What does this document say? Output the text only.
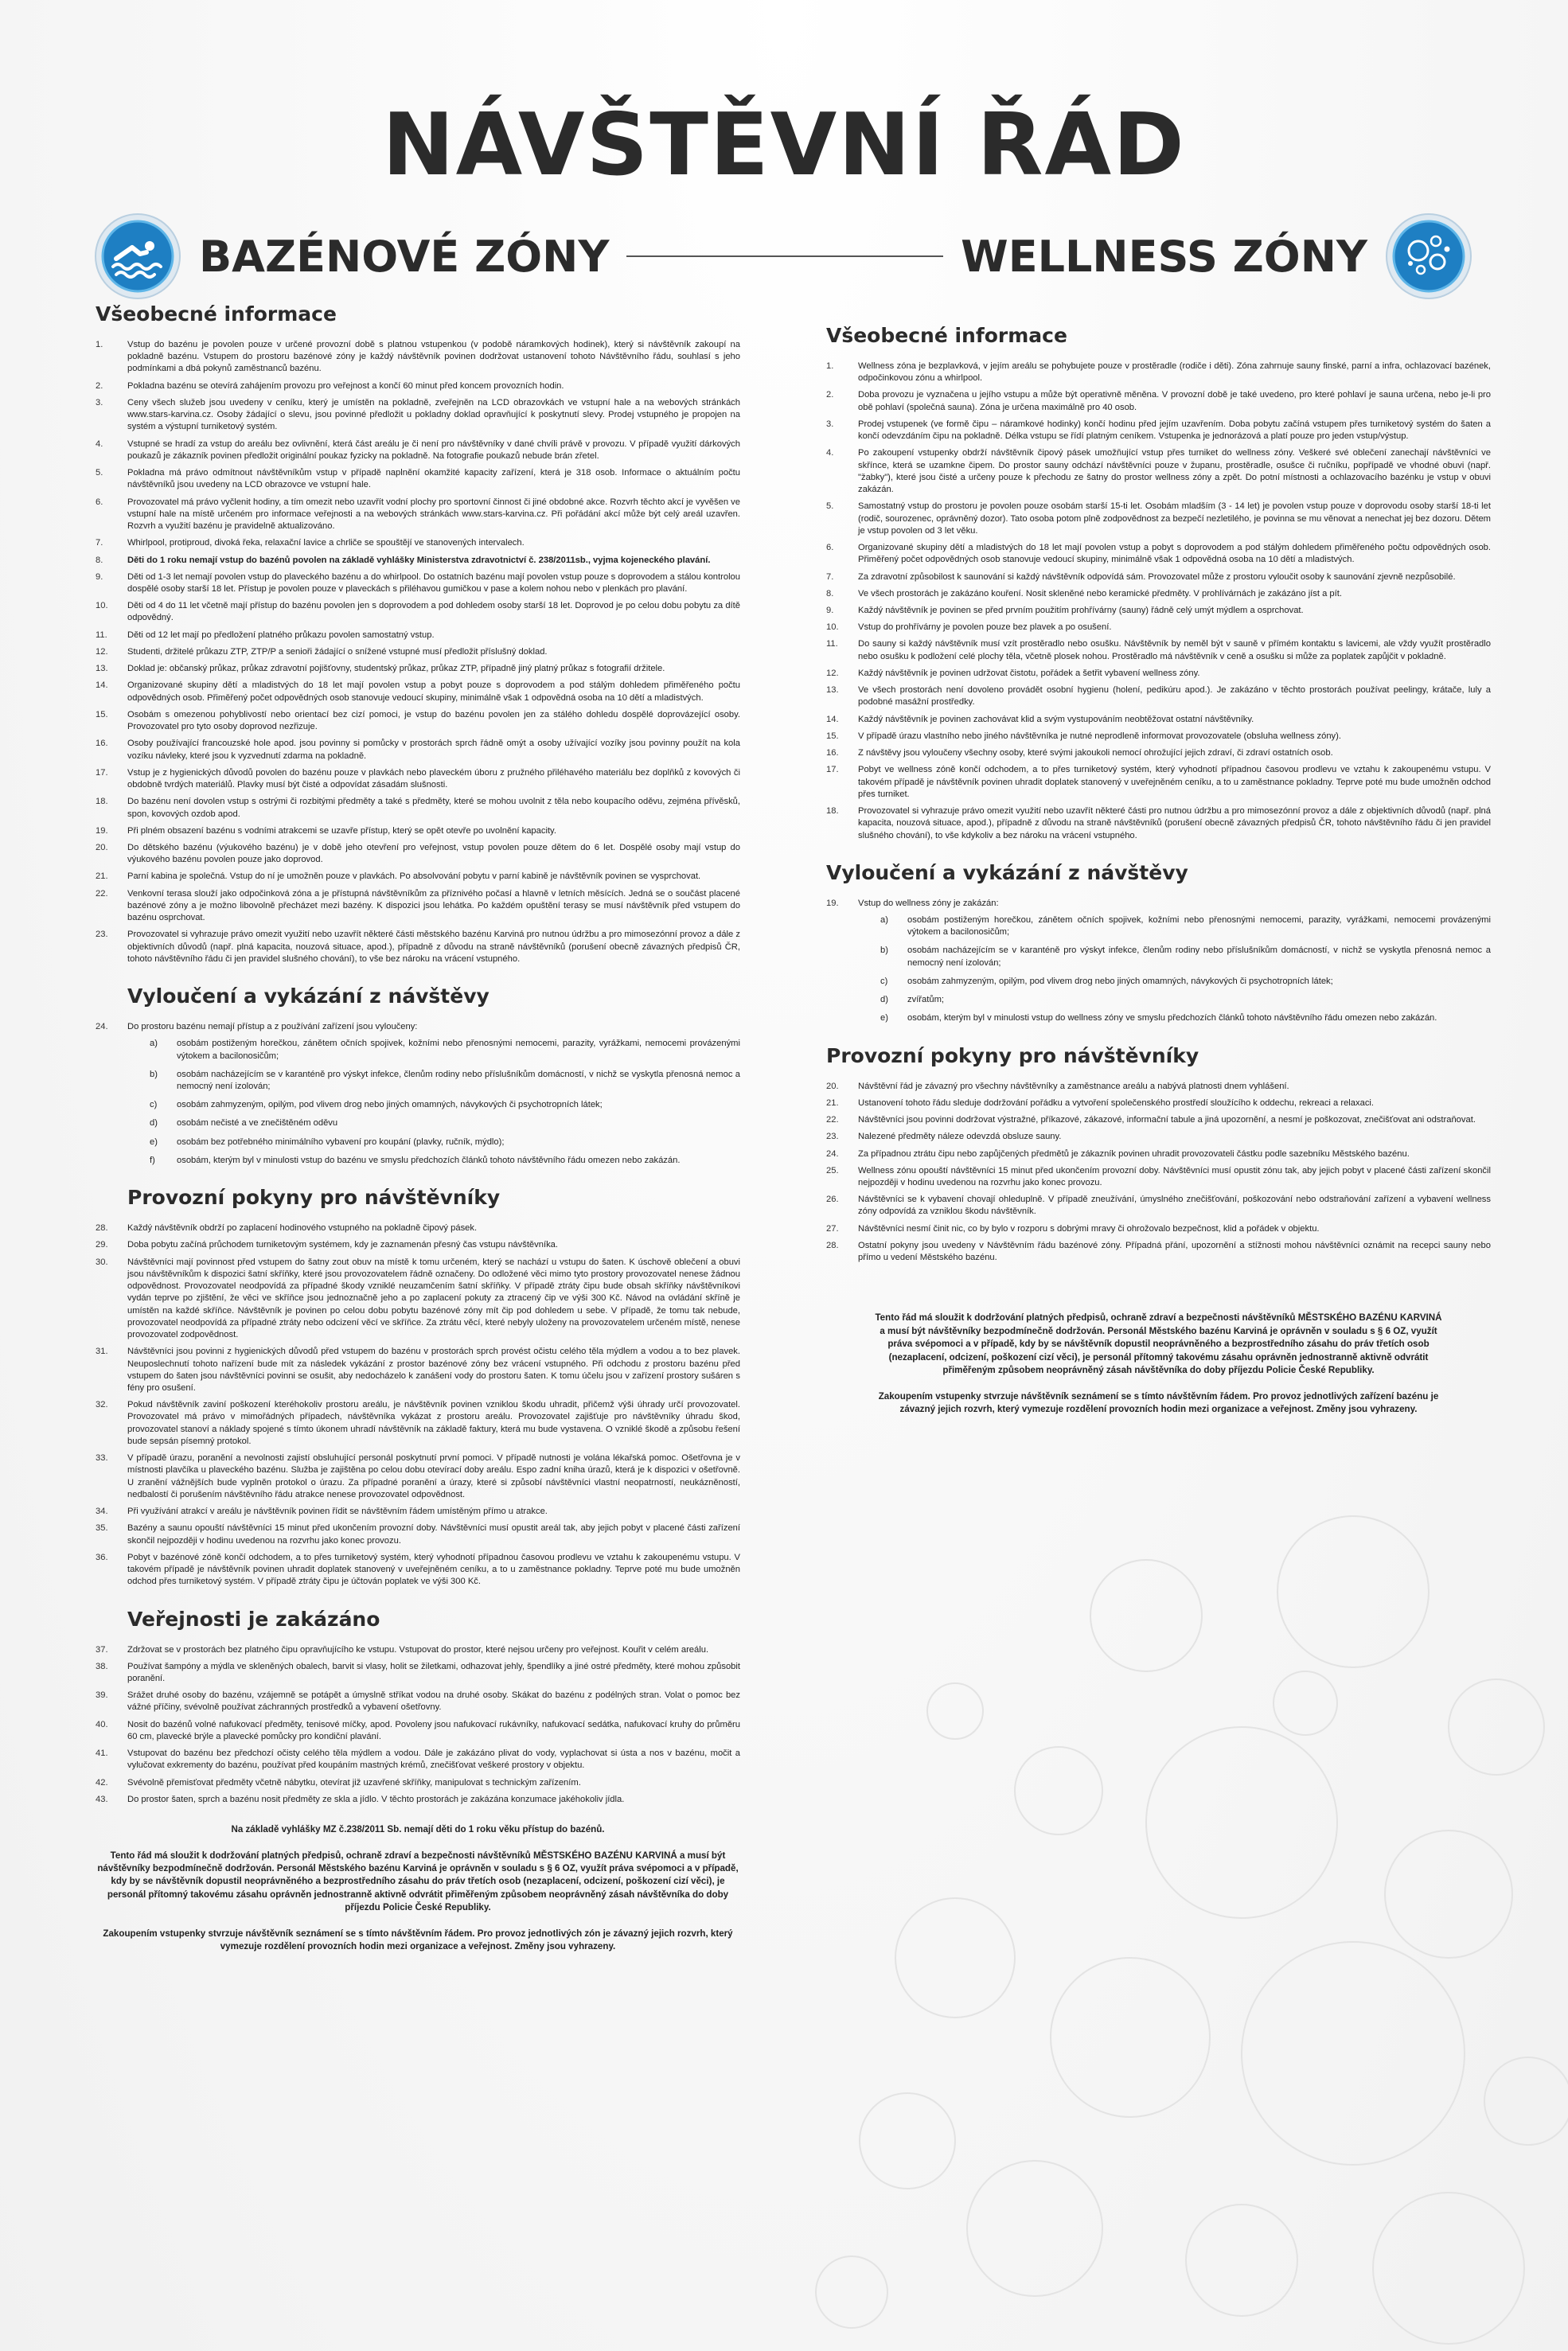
NÁVŠTĚVNÍ ŘÁD
BAZÉNOVÉ ZÓNY	WELLNESS ZÓNY
Všeobecné informace
1.	Vstup do bazénu je povolen pouze v určené provozní době s platnou vstupenkou (v podobě náramkových hodinek), který si návštěvník zakoupí na pokladně bazénu. Vstupem do prostoru bazénové zóny je každý návštěvník povinen dodržovat ustanovení tohoto Návštěvního řádu, souhlasí s jeho podmínkami a dbá pokynů zaměstnanců bazénu.
2.	Pokladna bazénu se otevírá zahájením provozu pro veřejnost a končí 60 minut před koncem provozních hodin.
3.	Ceny všech služeb jsou uvedeny v ceníku, který je umístěn na pokladně, zveřejněn na LCD obrazovkách ve vstupní hale a na webových stránkách www.stars-karvina.cz. Osoby žádající o slevu, jsou povinné předložit u pokladny doklad opravňující k poskytnutí slevy. Prodej vstupného je propojen na systém a výstupní turniketový systém.
4.	Vstupné se hradí za vstup do areálu bez ovlivnění, která část areálu je či není pro návštěvníky v dané chvíli právě v provozu. V případě využití dárkových poukazů je zákazník povinen předložit originální poukaz fyzicky na pokladně. Na fotografie poukazů nebude brán zřetel.
5.	Pokladna má právo odmítnout návštěvníkům vstup v případě naplnění okamžité kapacity zařízení, která je 318 osob. Informace o aktuálním počtu návštěvníků jsou uvedeny na LCD obrazovce ve vstupní hale.
6.	Provozovatel má právo vyčlenit hodiny, a tím omezit nebo uzavřít vodní plochy pro sportovní činnost či jiné obdobné akce. Rozvrh těchto akcí je vyvěšen ve vstupní hale na místě určeném pro informace veřejnosti a na webových stránkách www.stars-karvina.cz. Při pořádání akcí může být celý areál uzavřen. Rozvrh a využití bazénu je pravidelně aktualizováno.
7.	Whirlpool, protiproud, divoká řeka, relaxační lavice a chrliče se spouštějí ve stanovených intervalech.
8.	Děti do 1 roku nemají vstup do bazénů povolen na základě vyhlášky Ministerstva zdravotnictví č. 238/2011sb., vyjma kojeneckého plavání.
9.	Děti od 1-3 let nemají povolen vstup do plaveckého bazénu a do whirlpool. Do ostatních bazénu mají povolen vstup pouze s doprovodem a stálou kontrolou dospělé osoby starší 18 let. Přístup je povolen pouze v plaveckách s přiléhavou gumičkou v pase a kolem nohou nebo v plenkách pro plavání.
10.	Děti od 4 do 11 let včetně mají přístup do bazénu povolen jen s doprovodem a pod dohledem osoby starší 18 let. Doprovod je po celou dobu pobytu za dítě odpovědný.
11.	Děti od 12 let mají po předložení platného průkazu povolen samostatný vstup.
12.	Studenti, držitelé průkazu ZTP, ZTP/P a senioři žádající o snížené vstupné musí předložit příslušný doklad.
13.	Doklad je: občanský průkaz, průkaz zdravotní pojišťovny, studentský průkaz, průkaz ZTP, případně jiný platný průkaz s fotografií držitele.
14.	Organizované skupiny dětí a mladistvých do 18 let mají povolen vstup a pobyt pouze s doprovodem a pod stálým dohledem přiměřeného počtu odpovědných osob. Přiměřený počet odpovědných osob stanovuje vedoucí skupiny, minimálně však 1 odpovědná osoba na 10 dětí a mladistvých.
15.	Osobám s omezenou pohyblivostí nebo orientací bez cizí pomoci, je vstup do bazénu povolen jen za stálého dohledu dospělé doprovázející osoby. Provozovatel pro tyto osoby doprovod nezřizuje.
16.	Osoby používající francouzské hole apod. jsou povinny si pomůcky v prostorách sprch řádně omýt a osoby užívající vozíky jsou povinny použít na kola vozíku návleky, které jsou k vyzvednutí zdarma na pokladně.
17.	Vstup je z hygienických důvodů povolen do bazénu pouze v plavkách nebo plaveckém úboru z pružného přiléhavého materiálu bez doplňků z kovových či obdobně tvrdých materiálů. Plavky musí být čisté a odpovídat zásadám slušnosti.
18.	Do bazénu není dovolen vstup s ostrými či rozbitými předměty a také s předměty, které se mohou uvolnit z těla nebo koupacího oděvu, zejména přívěsků, spon, kovových ozdob apod.
19.	Při plném obsazení bazénu s vodními atrakcemi se uzavře přístup, který se opět otevře po uvolnění kapacity.
20.	Do dětského bazénu (výukového bazénu) je v době jeho otevření pro veřejnost, vstup povolen pouze dětem do 6 let. Dospělé osoby mají vstup do výukového bazénu povolen pouze jako doprovod.
21.	Parní kabina je společná. Vstup do ní je umožněn pouze v plavkách. Po absolvování pobytu v parní kabině je návštěvník povinen se vysprchovat.
22.	Venkovní terasa slouží jako odpočinková zóna a je přístupná návštěvníkům za příznivého počasí a hlavně v letních měsících. Jedná se o součást placené bazénové zóny a je možno libovolně přecházet mezi bazény. K dispozici jsou lehátka. Po každém opuštění terasy se musí návštěvník před vstupem do bazénu osprchovat.
23.	Provozovatel si vyhrazuje právo omezit využití nebo uzavřít některé části městského bazénu Karviná pro nutnou údržbu a pro mimosezónní provoz a dále z objektivních důvodů (např. plná kapacita, nouzová situace, apod.), případně z důvodu na straně návštěvníků (porušení obecně závazných předpisů ČR, tohoto návštěvního řádu či jen pravidel slušného chování), to vše bez nároku na vrácení vstupného.
Vyloučení a vykázání z návštěvy
24.	Do prostoru bazénu nemají přístup a z používání zařízení jsou vyloučeny:
a)	osobám postiženým horečkou, zánětem očních spojivek, kožními nebo přenosnými nemocemi, parazity, vyrážkami, nemocemi provázenými výtokem a bacilonosičům;
b)	osobám nacházejícím se v karanténě pro výskyt infekce, členům rodiny nebo příslušníkům domácností, v nichž se vyskytla přenosná nemoc a nemocný není izolován;
c)	osobám zahmyzeným, opilým, pod vlivem drog nebo jiných omamných, návykových či psychotropních látek;
d)	osobám nečisté a ve znečištěném oděvu
e)	osobám bez potřebného minimálního vybavení pro koupání (plavky, ručník, mýdlo);
f)	osobám, kterým byl v minulosti vstup do bazénu ve smyslu předchozích článků tohoto návštěvního řádu omezen nebo zakázán.
Provozní pokyny pro návštěvníky
28.	Každý návštěvník obdrží po zaplacení hodinového vstupného na pokladně čipový pásek.
29.	Doba pobytu začíná průchodem turniketovým systémem, kdy je zaznamenán přesný čas vstupu návštěvníka.
30.	Návštěvníci mají povinnost před vstupem do šatny zout obuv na místě k tomu určeném, který se nachází u vstupu do šaten. K úschově oblečení a obuvi jsou návštěvníkům k dispozici šatní skříňky, které jsou provozovatelem řádně označeny. Do odložené věci mimo tyto prostory provozovatel nenese žádnou odpovědnost. Provozovatel neodpovídá za případné škody vzniklé neuzamčením šatní skříňky. V případě ztráty čipu bude obsah skříňky návštěvníkovi vydán teprve po zjištění, že věci ve skříňce jsou jednoznačně jeho a po zaplacení pokuty za ztracený čip ve výši 300 Kč. Návod na ovládání skříně je umístěn na každé skříňce. Návštěvník je povinen po celou dobu pobytu bazénové zóny mít čip pod dohledem u sebe. V případě, že tomu tak nebude, provozovatel neodpovídá za případné ztráty nebo odcizení věcí ve skříňce. Za ztrátu věcí, které nebyly uloženy na provozovatelem určeném místě, nenese provozovatel zodpovědnost.
31.	Návštěvníci jsou povinni z hygienických důvodů před vstupem do bazénu v prostorách sprch provést očistu celého těla mýdlem a vodou a to bez plavek. Neuposlechnutí tohoto nařízení bude mít za následek vykázání z prostor bazénové zóny bez vrácení vstupného. Při odchodu z prostoru bazénu před vstupem do šaten jsou návštěvníci povinni se osušit, aby nedocházelo k zanášení vody do prostoru šaten. K tomu účelu jsou v zařízení prostory sušáren s fény pro osušení.
32.	Pokud návštěvník zaviní poškození kteréhokoliv prostoru areálu, je návštěvník povinen vzniklou škodu uhradit, přičemž výši úhrady určí provozovatel. Provozovatel má právo v mimořádných případech, návštěvníka vykázat z prostoru areálu. Provozovatel zajišťuje pro návštěvníky úhradu škod, provozovatel stanoví a náklady spojené s tímto úkonem uhradí návštěvník na základě faktury, která mu bude vystavena. O vzniklé škodě a způsobu řešení bude sepsán písemný protokol.
33.	V případě úrazu, poranění a nevolnosti zajistí obsluhující personál poskytnutí první pomoci. V případě nutnosti je volána lékařská pomoc. Ošetřovna je v místnosti plavčíka u plaveckého bazénu. Služba je zajištěna po celou dobu otevírací doby areálu. Espo zadní kniha úrazů, která je k dispozici v ošetřovně. U zranění vážnějších bude vyplněn protokol o úrazu. Za případné poranění a úrazy, které si způsobí návštěvníci vlastní neopatrností, neukázněností, nedbalostí či porušením návštěvního řádu atrakce nenese provozovatel odpovědnost.
34.	Při využívání atrakcí v areálu je návštěvník povinen řídit se návštěvním řádem umístěným přímo u atrakce.
35.	Bazény a saunu opouští návštěvníci 15 minut před ukončením provozní doby. Návštěvníci musí opustit areál tak, aby jejich pobyt v placené části zařízení skončil nejpozději v hodinu uvedenou na rozvrhu jako konec provozu.
36.	Pobyt v bazénové zóně končí odchodem, a to přes turniketový systém, který vyhodnotí případnou časovou prodlevu ve vztahu k zakoupenému vstupu. V takovém případě je návštěvník povinen uhradit doplatek stanovený v uveřejněném ceníku, a to u zaměstnance pokladny. Teprve poté mu bude umožněn odchod přes turniketový systém. V případě ztráty čipu je účtován poplatek ve výši 300 Kč.
Veřejnosti je zakázáno
37.	Zdržovat se v prostorách bez platného čipu opravňujícího ke vstupu. Vstupovat do prostor, které nejsou určeny pro veřejnost. Kouřit v celém areálu.
38.	Používat šampóny a mýdla ve skleněných obalech, barvit si vlasy, holit se žiletkami, odhazovat jehly, špendlíky a jiné ostré předměty, které mohou způsobit poranění.
39.	Srážet druhé osoby do bazénu, vzájemně se potápět a úmyslně stříkat vodou na druhé osoby. Skákat do bazénu z podélných stran. Volat o pomoc bez vážné příčiny, svévolně používat záchranných prostředků a vybavení ošetřovny.
40.	Nosit do bazénů volné nafukovací předměty, tenisové míčky, apod. Povoleny jsou nafukovací rukávníky, nafukovací sedátka, nafukovací kruhy do průměru 60 cm, plavecké brýle a plavecké pomůcky pro kondiční plavání.
41.	Vstupovat do bazénu bez předchozí očisty celého těla mýdlem a vodou. Dále je zakázáno plivat do vody, vyplachovat si ústa a nos v bazénu, močit a vylučovat exkrementy do bazénu, používat před koupáním mastných krémů, znečišťovat veškeré prostory v objektu.
42.	Svévolně přemisťovat předměty včetně nábytku, otevírat již uzavřené skříňky, manipulovat s technickým zařízením.
43.	Do prostor šaten, sprch a bazénu nosit předměty ze skla a jídlo. V těchto prostorách je zakázána konzumace jakéhokoliv jídla.

Na základě vyhlášky MZ č.238/2011 Sb. nemají děti do 1 roku věku přístup do bazénů.

Tento řád má sloužit k dodržování platných předpisů, ochraně zdraví a bezpečnosti návštěvníků MĚSTSKÉHO BAZÉNU KARVINÁ a musí být návštěvníky bezpodmínečně dodržován. Personál Městského bazénu Karviná je oprávněn v souladu s § 6 OZ, využít práva svépomoci a v případě, kdy by se návštěvník dopustil neoprávněného a bezprostředního zásahu do práv třetích osob (nezaplacení, odcizení, poškození cizí věci), je personál přítomný takovému zásahu oprávněn jednostranně aktivně odvrátit přiměřeným způsobem neoprávněný zásah návštěvníka do doby příjezdu Policie České Republiky.

Zakoupením vstupenky stvrzuje návštěvník seznámení se s tímto návštěvním řádem. Pro provoz jednotlivých zón je závazný jejich rozvrh, který vymezuje rozdělení provozních hodin mezi organizace a veřejnost. Změny jsou vyhrazeny.

Všeobecné informace
1.	Wellness zóna je bezplavková, v jejím areálu se pohybujete pouze v prostěradle (rodiče i děti). Zóna zahrnuje sauny finské, parní a infra, ochlazovací bazének, odpočinkovou zónu a whirlpool.
2.	Doba provozu je vyznačena u jejího vstupu a může být operativně měněna. V provozní době je také uvedeno, pro které pohlaví je sauna určena, nebo je-li pro obě pohlaví (společná sauna). Zóna je určena maximálně pro 40 osob.
3.	Prodej vstupenek (ve formě čipu – náramkové hodinky) končí hodinu před jejím uzavřením. Doba pobytu začíná vstupem přes turniketový systém do šaten a končí odevzdáním čipu na pokladně. Délka vstupu se řídí platným ceníkem. Vstupenka je jednorázová a platí pouze pro jeden vstup/výstup.
4.	Po zakoupení vstupenky obdrží návštěvník čipový pásek umožňující vstup přes turniket do wellness zóny. Veškeré své oblečení zanechají návštěvníci ve skřínce, která se uzamkne čipem. Do prostor sauny odchází návštěvníci pouze v županu, prostěradle, osušce či ručníku, popřípadě ve vhodné obuvi (např. "žabky"), které jsou čisté a určeny pouze k přechodu ze šatny do prostor wellness zóny a zpět. Do potní místnosti a ochlazovacího bazénku je vstup v obuvi zakázán.
5.	Samostatný vstup do prostoru je povolen pouze osobám starší 15-ti let. Osobám mladším (3 - 14 let) je povolen vstup pouze v doprovodu osoby starší 18-ti let (rodič, sourozenec, oprávněný dozor). Tato osoba potom plně zodpovědnost za bezpečí nezletilého, je povinna se mu věnovat a nenechat jej bez dozoru. Dětem je vstup povolen od 3 let věku.
6.	Organizované skupiny dětí a mladistvých do 18 let mají povolen vstup a pobyt s doprovodem a pod stálým dohledem přiměřeného počtu odpovědných osob. Přiměřený počet odpovědných osob stanovuje vedoucí skupiny, minimálně však 1 odpovědná osoba na 10 dětí a mladistvých.
7.	Za zdravotní způsobilost k saunování si každý návštěvník odpovídá sám. Provozovatel může z prostoru vyloučit osoby k saunování zjevně nezpůsobilé.
8.	Ve všech prostorách je zakázáno kouření. Nosit skleněné nebo keramické předměty. V prohlívárnách je zakázáno jíst a pít.
9.	Každý návštěvník je povinen se před prvním použitím prohřívárny (sauny) řádně celý umýt mýdlem a osprchovat.
10.	Vstup do prohřívárny je povolen pouze bez plavek a po osušení.
11.	Do sauny si každý návštěvník musí vzít prostěradlo nebo osušku. Návštěvník by neměl být v sauně v přímém kontaktu s lavicemi, ale vždy využít prostěradlo nebo osušku k podložení celé plochy těla, včetně plosek nohou. Prostěradlo má návštěvník v ceně a osušku si může za poplatek zapůjčit v pokladně.
12.	Každý návštěvník je povinen udržovat čistotu, pořádek a šetřit vybavení wellness zóny.
13.	Ve všech prostorách není dovoleno provádět osobní hygienu (holení, pedikúru apod.). Je zakázáno v těchto prostorách používat peelingy, krátače, luly a podobné masážní prostředky.
14.	Každý návštěvník je povinen zachovávat klid a svým vystupováním neobtěžovat ostatní návštěvníky.
15.	V případě úrazu vlastního nebo jiného návštěvníka je nutné neprodleně informovat provozovatele (obsluha wellness zóny).
16.	Z návštěvy jsou vyloučeny všechny osoby, které svými jakoukoli nemocí ohrožující jejich zdraví, či zdraví ostatních osob.
17.	Pobyt ve wellness zóně končí odchodem, a to přes turniketový systém, který vyhodnotí případnou časovou prodlevu ve vztahu k zakoupenému vstupu. V takovém případě je návštěvník povinen uhradit doplatek stanovený v uveřejněném ceníku, a to u zaměstnance pokladny. Teprve poté mu bude umožněn odchod přes turniket.
18.	Provozovatel si vyhrazuje právo omezit využití nebo uzavřít některé části pro nutnou údržbu a pro mimosezónní provoz a dále z objektivních důvodů (např. plná kapacita, nouzová situace, apod.), případně z důvodu na straně návštěvníků (porušení obecně závazných předpisů ČR, tohoto návštěvního řádu či jen pravidel slušného chování), to vše kdykoliv a bez nároku na vrácení vstupného.
Vyloučení a vykázání z návštěvy
19.	Vstup do wellness zóny je zakázán:
a)	osobám postiženým horečkou, zánětem očních spojivek, kožními nebo přenosnými nemocemi, parazity, vyrážkami, nemocemi provázenými výtokem a bacilonosičům;
b)	osobám nacházejícím se v karanténě pro výskyt infekce, členům rodiny nebo příslušníkům domácností, v nichž se vyskytla přenosná nemoc a nemocný není izolován;
c)	osobám zahmyzeným, opilým, pod vlivem drog nebo jiných omamných, návykových či psychotropních látek;
d)	zvířatům;
e)	osobám, kterým byl v minulosti vstup do wellness zóny ve smyslu předchozích článků tohoto návštěvního řádu omezen nebo zakázán.
Provozní pokyny pro návštěvníky
20.	Návštěvní řád je závazný pro všechny návštěvníky a zaměstnance areálu a nabývá platnosti dnem vyhlášení.
21.	Ustanovení tohoto řádu sleduje dodržování pořádku a vytvoření společenského prostředí sloužícího k oddechu, rekreaci a relaxaci.
22.	Návštěvníci jsou povinni dodržovat výstražné, příkazové, zákazové, informační tabule a jiná upozornění, a nesmí je poškozovat, znečišťovat ani odstraňovat.
23.	Nalezené předměty náleze odevzdá obsluze sauny.
24.	Za případnou ztrátu čipu nebo zapůjčených předmětů je zákazník povinen uhradit provozovateli částku podle sazebníku Městského bazénu.
25.	Wellness zónu opouští návštěvníci 15 minut před ukončením provozní doby. Návštěvníci musí opustit zónu tak, aby jejich pobyt v placené části zařízení skončil nejpozději v hodinu uvedenou na rozvrhu jako konec provozu.
26.	Návštěvníci se k vybavení chovají ohleduplně. V případě zneužívání, úmyslného znečišťování, poškozování nebo odstraňování zařízení a vybavení wellness zóny odpovídá za vzniklou škodu návštěvník.
27.	Návštěvníci nesmí činit nic, co by bylo v rozporu s dobrými mravy či ohrožovalo bezpečnost, klid a pořádek v objektu.
28.	Ostatní pokyny jsou uvedeny v Návštěvním řádu bazénové zóny. Případná přání, upozornění a stížnosti mohou návštěvníci oznámit na recepci sauny nebo přímo u vedení Městského bazénu.

Tento řád má sloužit k dodržování platných předpisů, ochraně zdraví a bezpečnosti návštěvníků MĚSTSKÉHO BAZÉNU KARVINÁ a musí být návštěvníky bezpodmínečně dodržován. Personál Městského bazénu Karviná je oprávněn v souladu s § 6 OZ, využít práva svépomoci a v případě, kdy by se návštěvník dopustil neoprávněného a bezprostředního zásahu do práv třetích osob (nezaplacení, odcizení, poškození cizí věci), je personál přítomný takovému zásahu oprávněn jednostranně aktivně odvrátit přiměřeným způsobem neoprávněný zásah návštěvníka do doby příjezdu Policie České Republiky.

Zakoupením vstupenky stvrzuje návštěvník seznámení se s tímto návštěvním řádem. Pro provoz jednotlivých zařízení bazénu je závazný jejich rozvrh, který vymezuje rozdělení provozních hodin mezi organizace a veřejnost. Změny jsou vyhrazeny.
